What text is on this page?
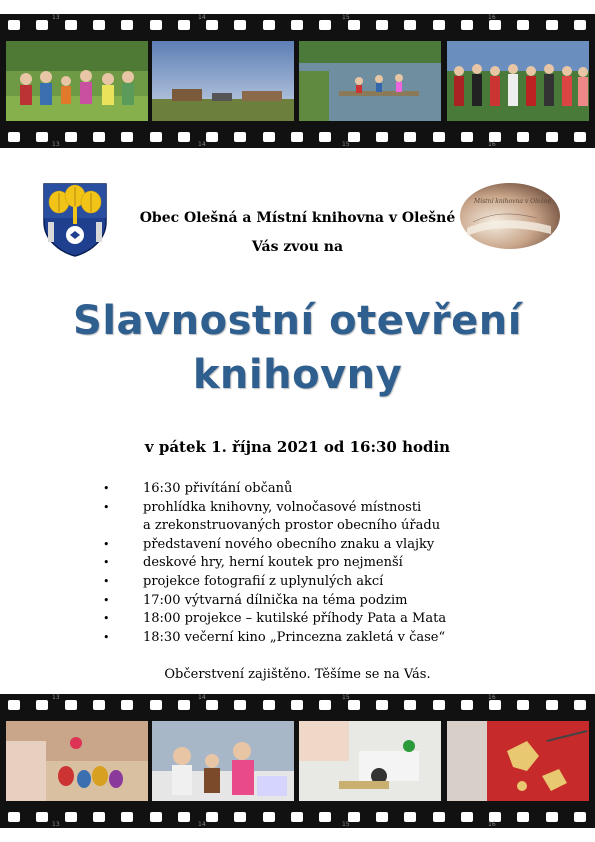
13
13
14
14
15
15
16
16
Místní knihovna v Olešné
Obec Olešná a Místní knihovna v Olešné
Vás zvou na
Slavnostní otevření
knihovny
v pátek 1. října 2021 od 16:30 hodin
• 16:30 přivítání občanů
• prohlídka knihovny, volnočasové místnosti
a zrekonstruovaných prostor obecního úřadu
• představení nového obecního znaku a vlajky
• deskové hry, herní koutek pro nejmenší
• projekce fotografií z uplynulých akcí
• 17:00 výtvarná dílnička na téma podzim
• 18:00 projekce – kutilské příhody Pata a Mata
• 18:30 večerní kino „Princezna zakletá v čase“
Občerstvení zajištěno. Těšíme se na Vás.
13
13
14
14
15
15
16
16
